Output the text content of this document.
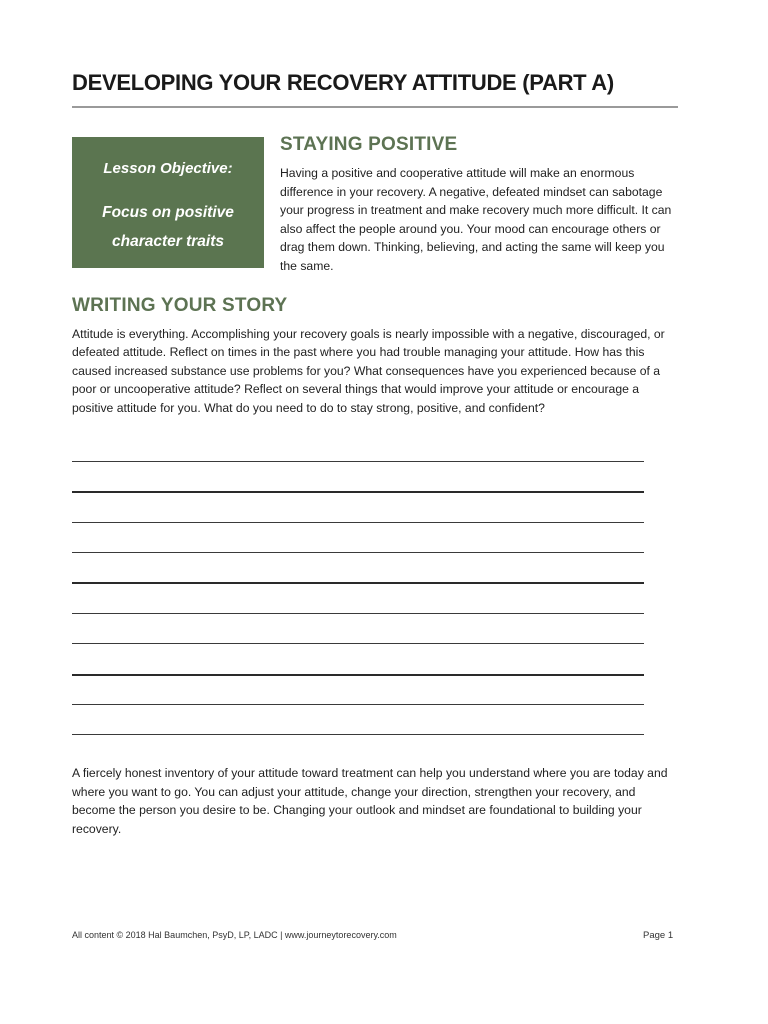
DEVELOPING YOUR RECOVERY ATTITUDE (PART A)
Lesson Objective:
Focus on positive character traits
STAYING POSITIVE
Having a positive and cooperative attitude will make an enormous difference in your recovery. A negative, defeated mindset can sabotage your progress in treatment and make recovery much more difficult. It can also affect the people around you. Your mood can encourage others or drag them down. Thinking, believing, and acting the same will keep you the same.
WRITING YOUR STORY
Attitude is everything. Accomplishing your recovery goals is nearly impossible with a negative, discouraged, or defeated attitude. Reflect on times in the past where you had trouble managing your attitude. How has this caused increased substance use problems for you? What consequences have you experienced because of a poor or uncooperative attitude? Reflect on several things that would improve your attitude or encourage a positive attitude for you. What do you need to do to stay strong, positive, and confident?
A fiercely honest inventory of your attitude toward treatment can help you understand where you are today and where you want to go. You can adjust your attitude, change your direction, strengthen your recovery, and become the person you desire to be. Changing your outlook and mindset are foundational to building your recovery.
All content © 2018 Hal Baumchen, PsyD, LP, LADC | www.journeytorecovery.com	Page 1
